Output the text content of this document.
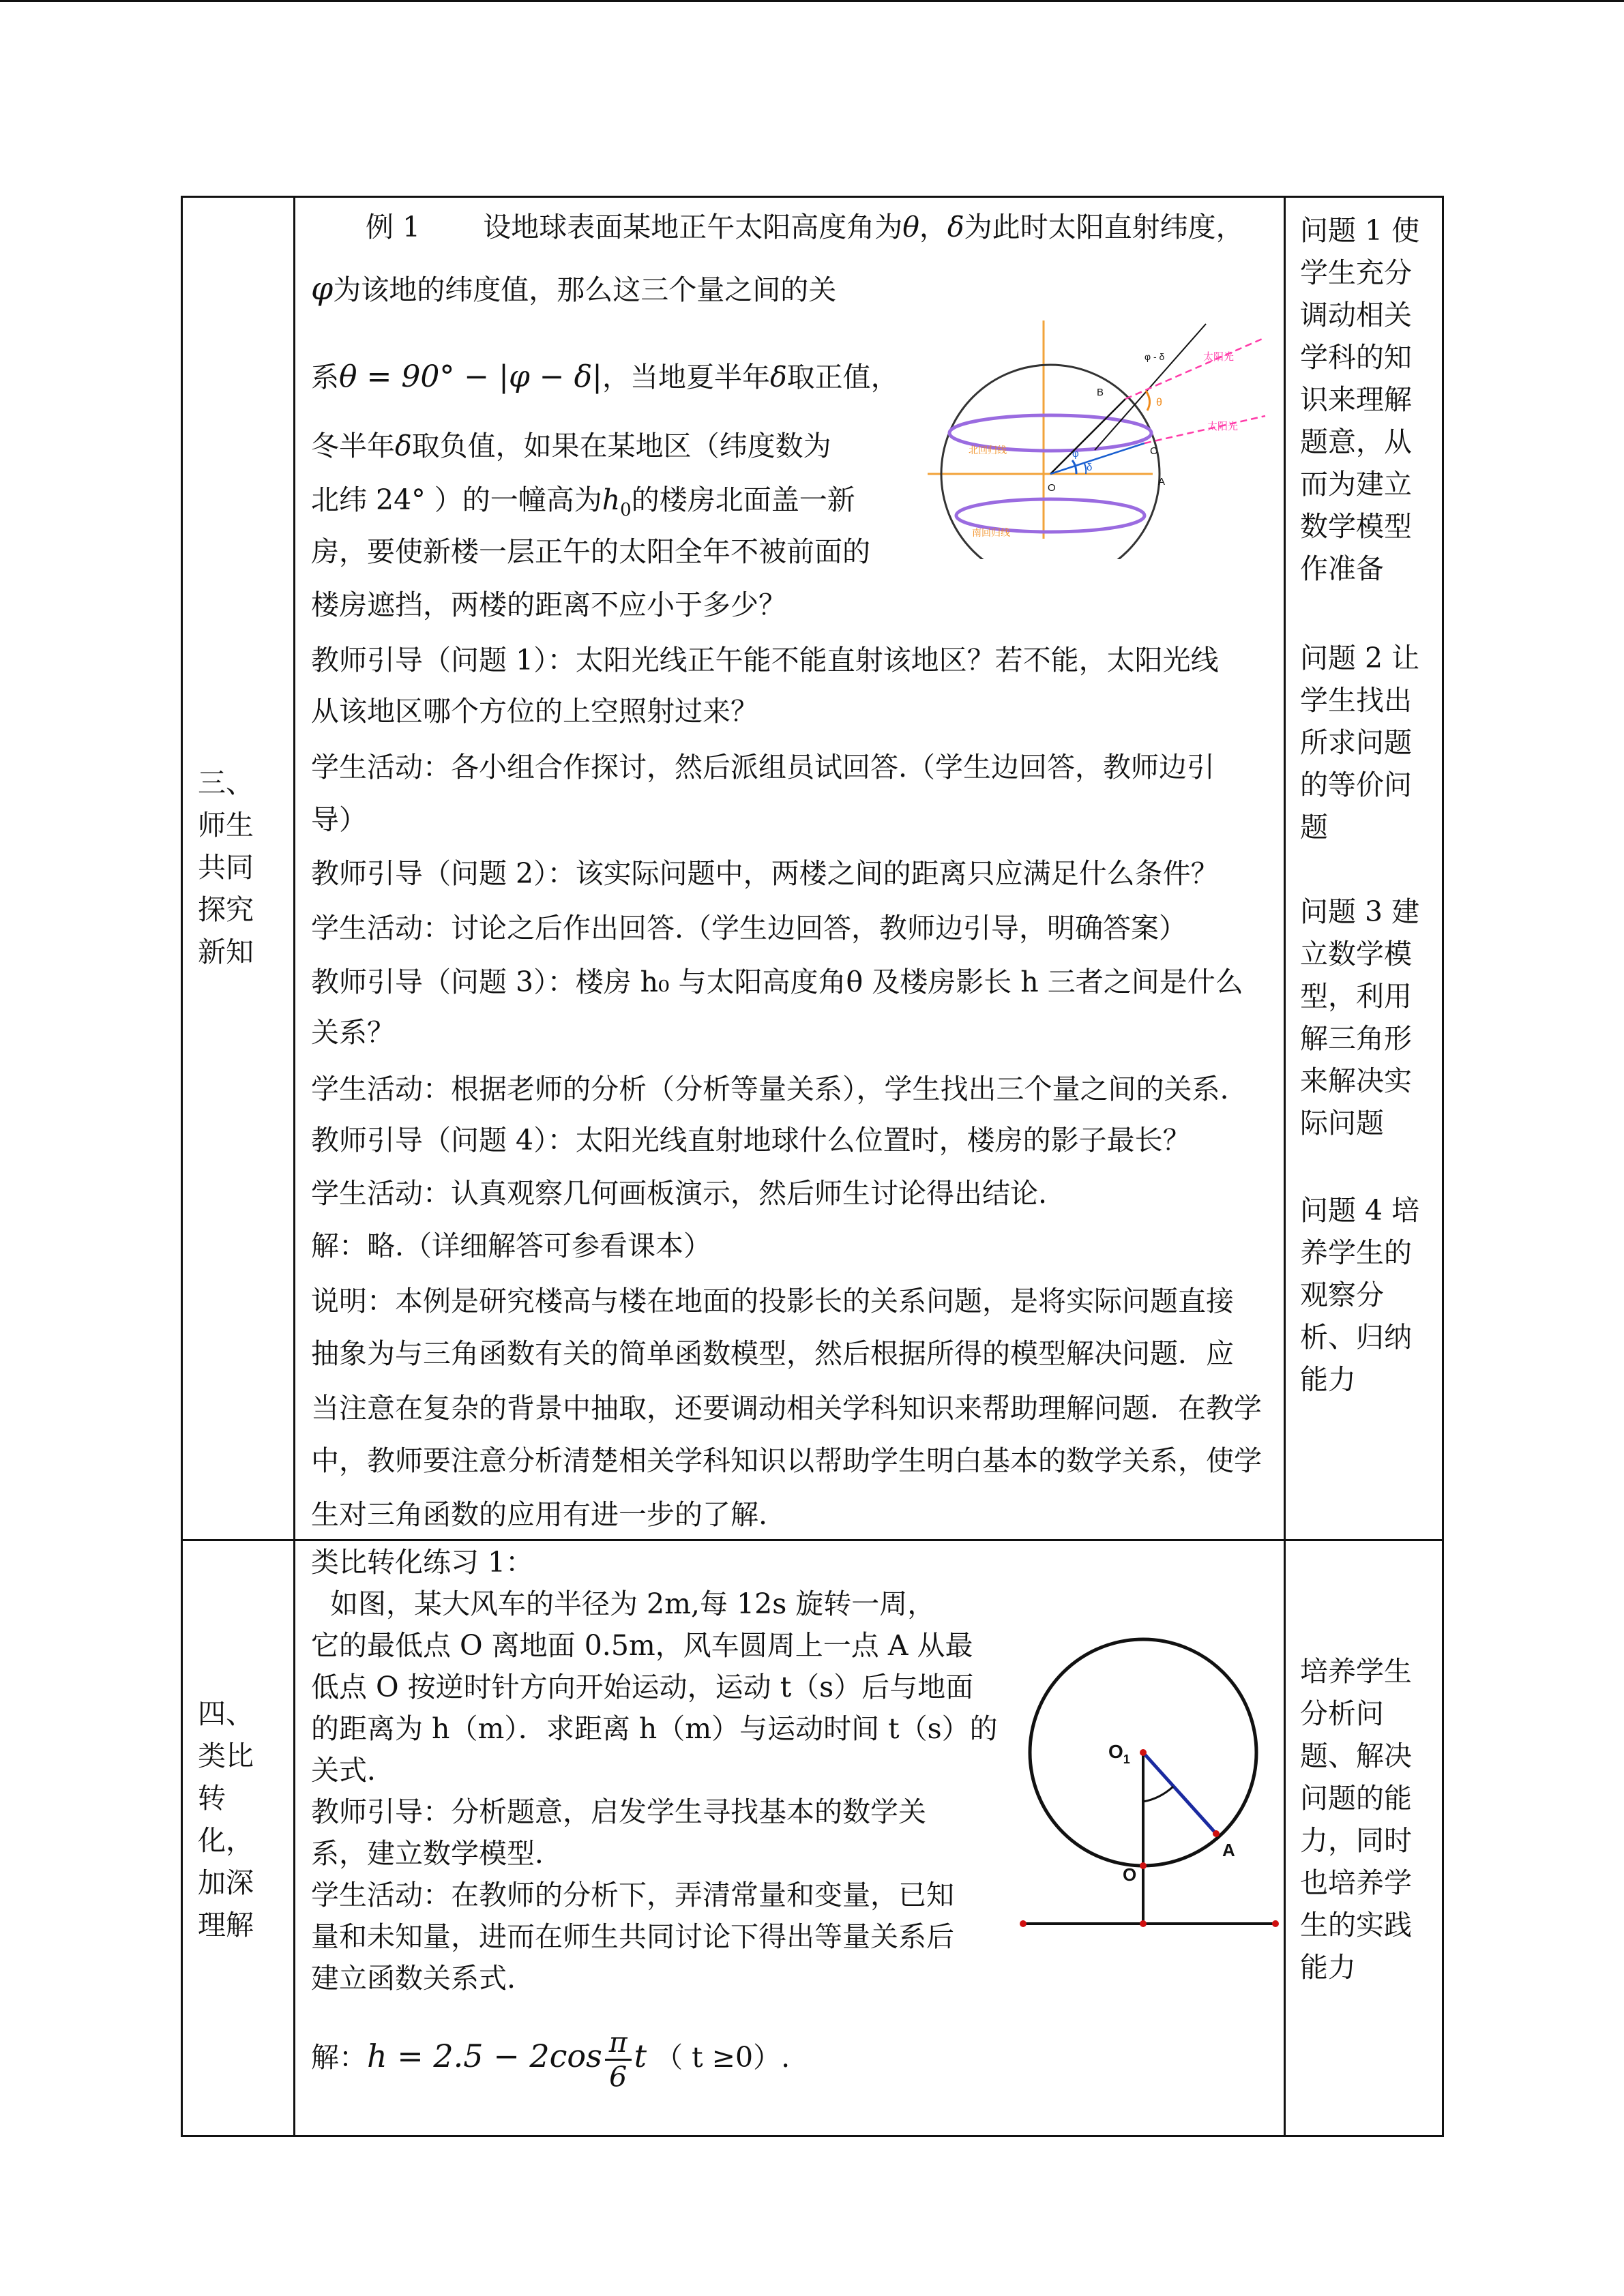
三、
师生
共同
探究
新知
例 1 设地球表面某地正午太阳高度角为θ，δ为此时太阳直射纬度，
φ为该地的纬度值，那么这三个量之间的关
系θ = 90° − |φ − δ|，当地夏半年δ取正值，
冬半年δ取负值，如果在某地区（纬度数为
北纬 24° ）的一幢高为$h_0$的楼房北面盖一新
房，要使新楼一层正午的太阳全年不被前面的
楼房遮挡，两楼的距离不应小于多少？
太阳光
太阳光
北回归线
南回归线
φ - δ
θ
φ
δ
B
C
O
A
教师引导（问题 1）：太阳光线正午能不能直射该地区？若不能，太阳光线
从该地区哪个方位的上空照射过来？
学生活动：各小组合作探讨，然后派组员试回答.（学生边回答，教师边引
导）
教师引导（问题 2）：该实际问题中，两楼之间的距离只应满足什么条件？
学生活动：讨论之后作出回答.（学生边回答，教师边引导，明确答案）
教师引导（问题 3）：楼房 h₀ 与太阳高度角θ 及楼房影长 h 三者之间是什么
关系？
学生活动：根据老师的分析（分析等量关系），学生找出三个量之间的关系.
教师引导（问题 4）：太阳光线直射地球什么位置时，楼房的影子最长？
学生活动：认真观察几何画板演示，然后师生讨论得出结论.
解：略.（详细解答可参看课本）
说明：本例是研究楼高与楼在地面的投影长的关系问题，是将实际问题直接
抽象为与三角函数有关的简单函数模型，然后根据所得的模型解决问题．应
当注意在复杂的背景中抽取，还要调动相关学科知识来帮助理解问题．在教学
中，教师要注意分析清楚相关学科知识以帮助学生明白基本的数学关系，使学
生对三角函数的应用有进一步的了解.
问题 1 使
学生充分
调动相关
学科的知
识来理解
题意，从
而为建立
数学模型
作准备
问题 2 让
学生找出
所求问题
的等价问
题
问题 3 建
立数学模
型，利用
解三角形
来解决实
际问题
问题 4 培
养学生的
观察分
析、归纳
能力
四、
类比
转
化，
加深
理解
类比转化练习 1：
如图，某大风车的半径为 2m,每 12s 旋转一周，
它的最低点 O 离地面 0.5m，风车圆周上一点 A 从最
低点 O 按逆时针方向开始运动，运动 t（s）后与地面
的距离为 h（m）．求距离 h（m）与运动时间 t（s）的
关式．
教师引导：分析题意，启发学生寻找基本的数学关
系，建立数学模型．
学生活动：在教师的分析下，弄清常量和变量，已知
量和未知量，进而在师生共同讨论下得出等量关系后
建立函数关系式.
解：$h = 2.5 - 2\cos \frac{\pi}{6}$ t （ t ≥0）.
$O_1$
A
O
培养学生
分析问
题、解决
问题的能
力，同时
也培养学
生的实践
能力
